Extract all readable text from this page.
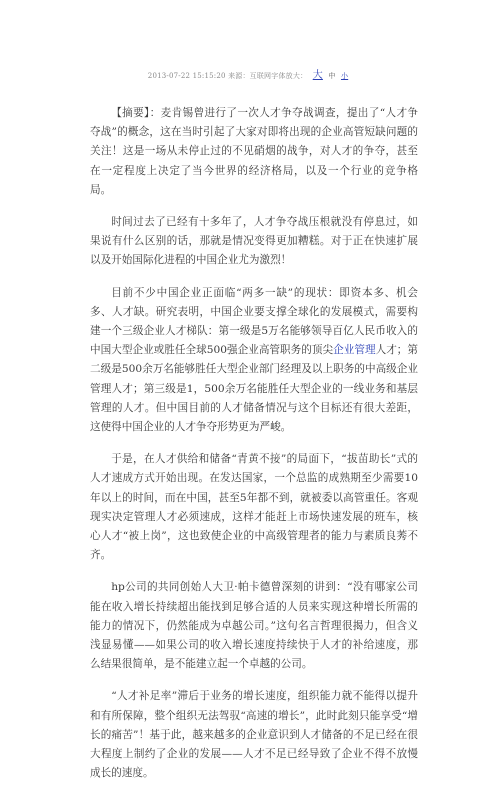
2013-07-22 15:15:20 来源：互联网字体放大： 大 中 小

【摘要】：麦肯锡曾进行了一次人才争夺战调查，提出了“人才争夺战”的概念，这在当时引起了大家对即将出现的企业高管短缺问题的关注！这是一场从未停止过的不见硝烟的战争，对人才的争夺，甚至在一定程度上决定了当今世界的经济格局，以及一个行业的竞争格局。

时间过去了已经有十多年了，人才争夺战压根就没有停息过，如果说有什么区别的话，那就是情况变得更加糟糕。对于正在快速扩展以及开始国际化进程的中国企业尤为激烈！

目前不少中国企业正面临“两多一缺”的现状：即资本多、机会多、人才缺。研究表明，中国企业要支撑全球化的发展模式，需要构建一个三级企业人才梯队：第一级是5万名能够领导百亿人民币收入的中国大型企业或胜任全球500强企业高管职务的顶尖企业管理人才；第二级是500余万名能够胜任大型企业部门经理及以上职务的中高级企业管理人才；第三级是1，500余万名能胜任大型企业的一线业务和基层管理的人才。但中国目前的人才储备情况与这个目标还有很大差距，这使得中国企业的人才争夺形势更为严峻。

于是，在人才供给和储备“青黄不接”的局面下，“拔苗助长”式的人才速成方式开始出现。在发达国家，一个总监的成熟期至少需要10年以上的时间，而在中国，甚至5年都不到，就被委以高管重任。客观现实决定管理人才必须速成，这样才能赶上市场快速发展的班车，核心人才“被上岗”，这也致使企业的中高级管理者的能力与素质良莠不齐。

hp公司的共同创始人大卫·帕卡德曾深刻的讲到：“没有哪家公司能在收入增长持续超出能找到足够合适的人员来实现这种增长所需的能力的情况下，仍然能成为卓越公司。”这句名言哲理很揭力，但含义浅显易懂——如果公司的收入增长速度持续快于人才的补给速度，那么结果很简单，是不能建立起一个卓越的公司。

“人才补足率”滞后于业务的增长速度，组织能力就不能得以提升和有所保障，整个组织无法驾驭“高速的增长”，此时此刻只能享受“增长的痛苦”！基于此，越来越多的企业意识到人才储备的不足已经在很大程度上制约了企业的发展——人才不足已经导致了企业不得不放慢成长的速度。
